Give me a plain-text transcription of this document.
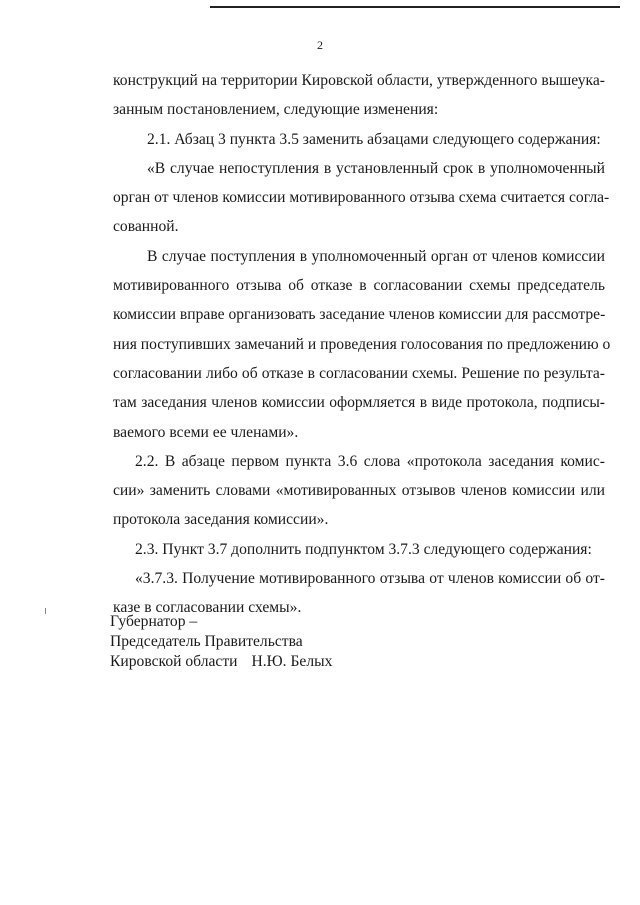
2
конструкций на территории Кировской области, утвержденного вышеука-
занным постановлением, следующие изменения:
2.1. Абзац 3 пункта 3.5 заменить абзацами следующего содержания:
«В случае непоступления в установленный срок в уполномоченный
орган от членов комиссии мотивированного отзыва схема считается согла-
сованной.
В случае поступления в уполномоченный орган от членов комиссии
мотивированного отзыва об отказе в согласовании схемы председатель
комиссии вправе организовать заседание членов комиссии для рассмотре-
ния поступивших замечаний и проведения голосования по предложению о
согласовании либо об отказе в согласовании схемы. Решение по результа-
там заседания членов комиссии оформляется в виде протокола, подписы-
ваемого всеми ее членами».
2.2. В абзаце первом пункта 3.6 слова «протокола заседания комис-
сии» заменить словами «мотивированных отзывов членов комиссии или
протокола заседания комиссии».
2.3. Пункт 3.7 дополнить подпунктом 3.7.3 следующего содержания:
«3.7.3. Получение мотивированного отзыва от членов комиссии об от-
казе в согласовании схемы».
Губернатор –
Председатель Правительства
Кировской области Н.Ю. Белых
